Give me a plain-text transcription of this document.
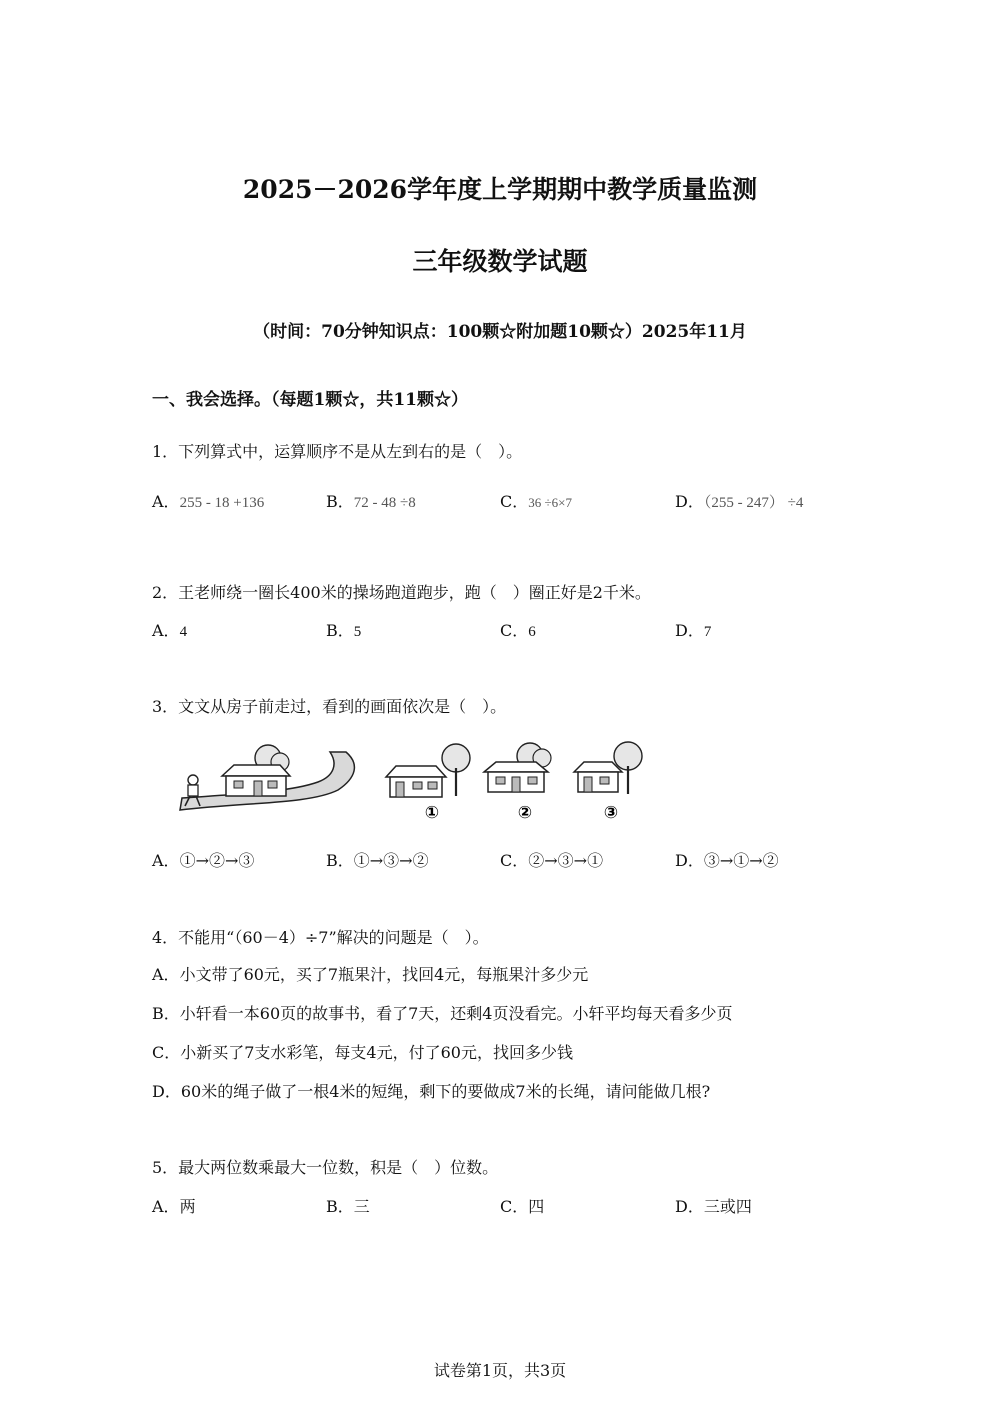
2025－2026学年度上学期期中教学质量监测
三年级数学试题
（时间：70分钟知识点：100颗☆附加题10颗☆）2025年11月
一、我会选择。（每题1颗☆，共11颗☆）
1．下列算式中，运算顺序不是从左到右的是（　）。
A．255 - 18 +136	B．72 - 48 ÷8	C．36 ÷6×7	D．（255 - 247） ÷4
2．王老师绕一圈长400米的操场跑道跑步，跑（　）圈正好是2千米。
A．4	B．5	C．6	D．7
3．文文从房子前走过，看到的画面依次是（　）。
①	②	③
A．①→②→③	B．①→③→②	C．②→③→①	D．③→①→②
4．不能用“（60－4）÷7”解决的问题是（　）。
A．小文带了60元，买了7瓶果汁，找回4元，每瓶果汁多少元
B．小轩看一本60页的故事书，看了7天，还剩4页没看完。小轩平均每天看多少页
C．小新买了7支水彩笔，每支4元，付了60元，找回多少钱
D．60米的绳子做了一根4米的短绳，剩下的要做成7米的长绳，请问能做几根?
5．最大两位数乘最大一位数，积是（　）位数。
A．两	B．三	C．四	D．三或四
试卷第1页，共3页
